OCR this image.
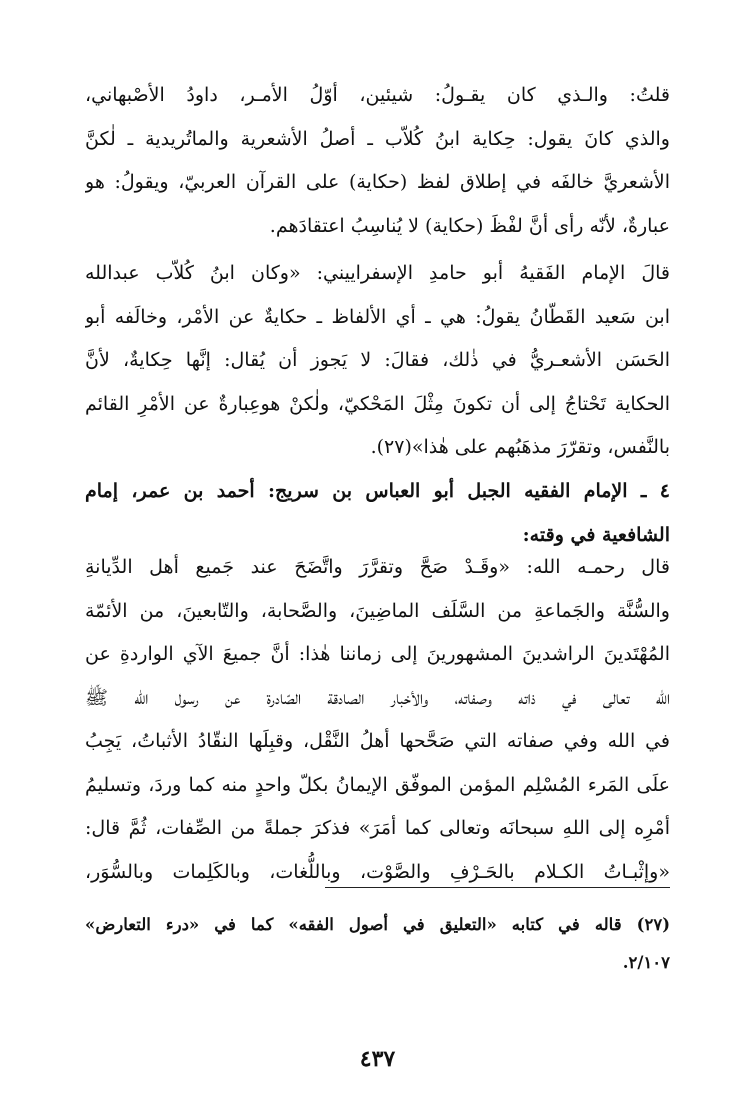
قلتُ: والـذي كان يقـولُ: شيئين، أوّلُ الأمـر، داودُ الأصْبهاني،
والذي كانَ يقول: حِكاية ابنُ كُلاّب ـ أصلُ الأشعرية والماتُريدية ـ لٰكنَّ
الأشعريَّ خالفَه في إطلاق لفظ (حكاية) على القرآن العربيّ، ويقولُ: هو
عبارةٌ، لأنّه رأى أنَّ لفْظَ (حكاية) لا يُناسِبُ اعتقادَهم.
قالَ الإمام الفَقيهُ أبو حامدِ الإسفراييني: «وكان ابنُ كُلاّب عبدالله
ابن سَعيد القَطّانُ يقولُ: هي ـ أي الألفاظ ـ حكايةٌ عن الأمْر، وخالَفه أبو
الحَسَن الأشعـريُّ في ذٰلك، فقالَ: لا يَجوز أن يُقال: إنَّها حِكايةٌ، لأنَّ
الحكاية تَحْتاجُ إلى أن تكونَ مِثْلَ المَحْكيّ، ولٰكنْ هوعِبارةٌ عن الأمْرِ القائم
بالنَّفس، وتقرّرَ مذهَبُهم على هٰذا»(٢٧).
٤ ـ الإمام الفقيه الجبل أبو العباس بن سريج: أحمد بن عمر، إمام
الشافعية في وقته:
قال رحمـه الله: «وقَـدْ صَحَّ وتقرَّرَ واتَّضَحَ عند جَميع أهل الدِّيانةِ
والسُّنَّة والجَماعةِ من السَّلَف الماضِينَ، والصَّحابة، والتّابعينَ، من الأئمّة
المُهْتَدينَ الراشدينَ المشهورينَ إلى زماننا هٰذا: أنَّ جميعَ الآي الواردةِ عن
الله تعالى في ذاته وصفاته، والأخبار الصادقة الصّادرة عن رسول الله ﷺ
في الله وفي صفاته التي صَحَّحها أهلُ النَّقْل، وقبِلَها النقّادُ الأثباتُ، يَجِبُ
علَى المَرء المُسْلِم المؤمن الموفّق الإيمانُ بكلّ واحدٍ منه كما وردَ، وتسليمُ
أمْرِه إلى اللهِ سبحانَه وتعالى كما أمَرَ» فذكرَ جملةً من الصِّفات، ثُمَّ قال:
«وإثْبـاتُ الكـلام بالحَـرْفِ والصَّوْت، وباللُّغات، وبالكَلِمات وبالسُّوَر،
(٢٧) قاله في كتابه «التعليق في أصول الفقه» كما في «درء التعارض»
٢/١٠٧.
٤٣٧
